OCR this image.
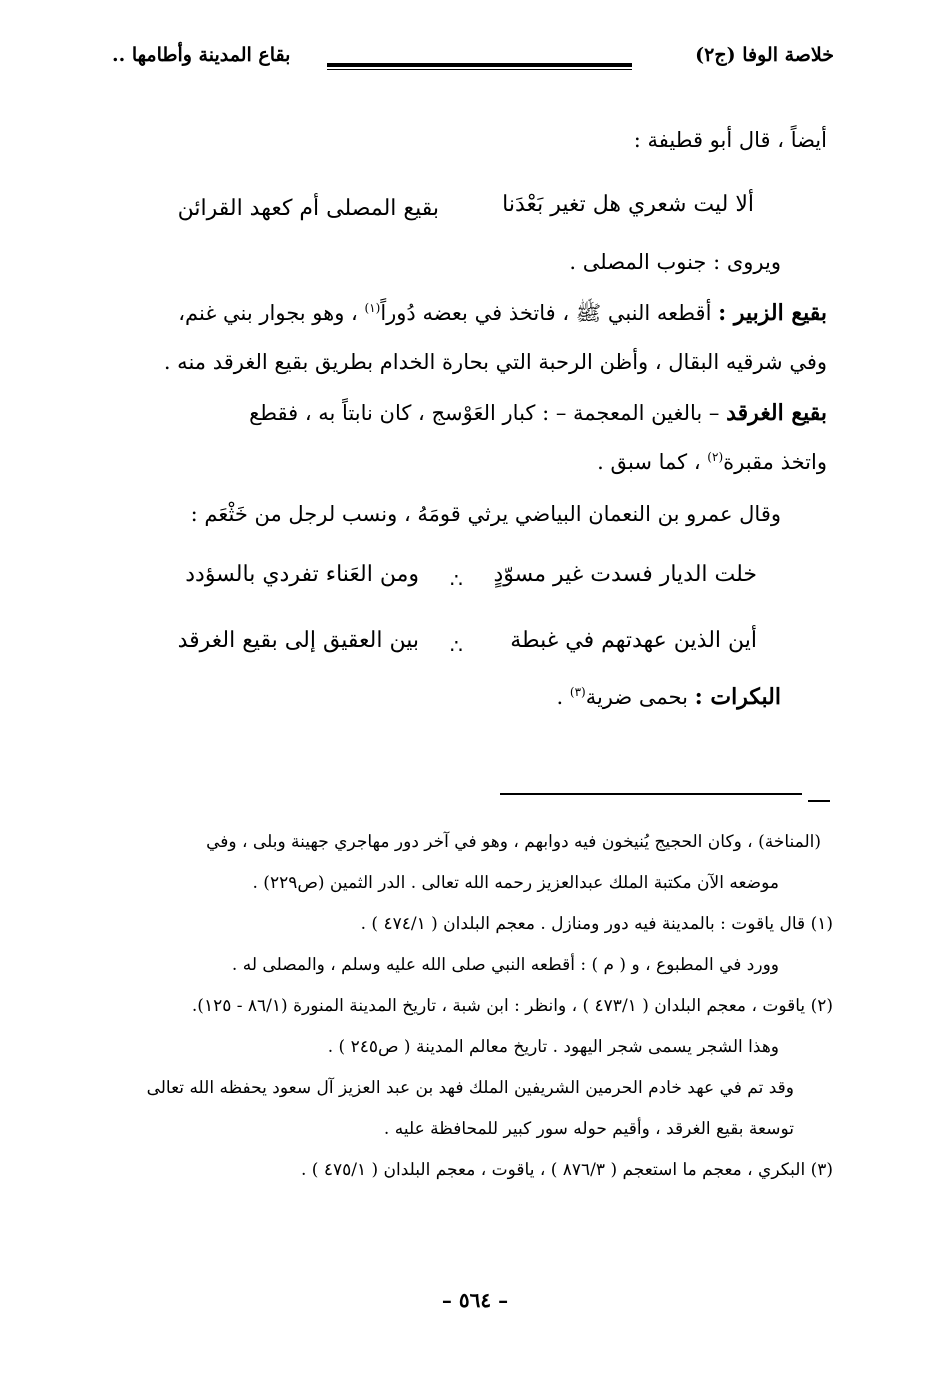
خلاصة الوفا (ج٢)
بقاع المدينة وأطامها ..
أيضاً ، قال أبو قطيفة :
ألا ليت شعري هل تغير بَعْدَنا
بقيع المصلى أم كعهد القرائن
ويروى : جنوب المصلى .
بقيع الزبير : أقطعه النبي ﷺ ، فاتخذ في بعضه دُوراً$^{(١)}$ ، وهو بجوار بني غنم،
وفي شرقيه البقال ، وأظن الرحبة التي بحارة الخدام بطريق بقيع الغرقد منه .
بقيع الغرقد – بالغين المعجمة – : كبار العَوْسج ، كان نابتاً به ، فقطع
واتخذ مقبرة$^{(٢)}$ ، كما سبق .
وقال عمرو بن النعمان البياضي يرثي قومَهُ ، ونسب لرجل من خَثْعَم :
خلت الديار فسدت غير مسوّدٍ
∴
ومن العَناء تفردي بالسؤدد
أين الذين عهدتهم في غبطة
∴
بين العقيق إلى بقيع الغرقد
البكرات : بحمى ضرية$^{(٣)}$ .
(المناخة) ، وكان الحجيج يُنيخون فيه دوابهم ، وهو في آخر دور مهاجري جهينة وبلى ، وفي
موضعه الآن مكتبة الملك عبدالعزيز رحمه الله تعالى . الدر الثمين (ص٢٢٩) .
(١) قال ياقوت : بالمدينة فيه دور ومنازل . معجم البلدان ( ٤٧٤/١ ) .
وورد في المطبوع ، و ( م ) : أقطعه النبي صلى الله عليه وسلم ، والمصلى له .
(٢) ياقوت ، معجم البلدان ( ٤٧٣/١ ) ، وانظر : ابن شبة ، تاريخ المدينة المنورة (٨٦/١ - ١٢٥).
وهذا الشجر يسمى شجر اليهود . تاريخ معالم المدينة ( ص٢٤٥ ) .
وقد تم في عهد خادم الحرمين الشريفين الملك فهد بن عبد العزيز آل سعود يحفظه الله تعالى
توسعة بقيع الغرقد ، وأقيم حوله سور كبير للمحافظة عليه .
(٣) البكري ، معجم ما استعجم ( ٨٧٦/٣ ) ، ياقوت ، معجم البلدان ( ٤٧٥/١ ) .
– ٥٦٤ –
